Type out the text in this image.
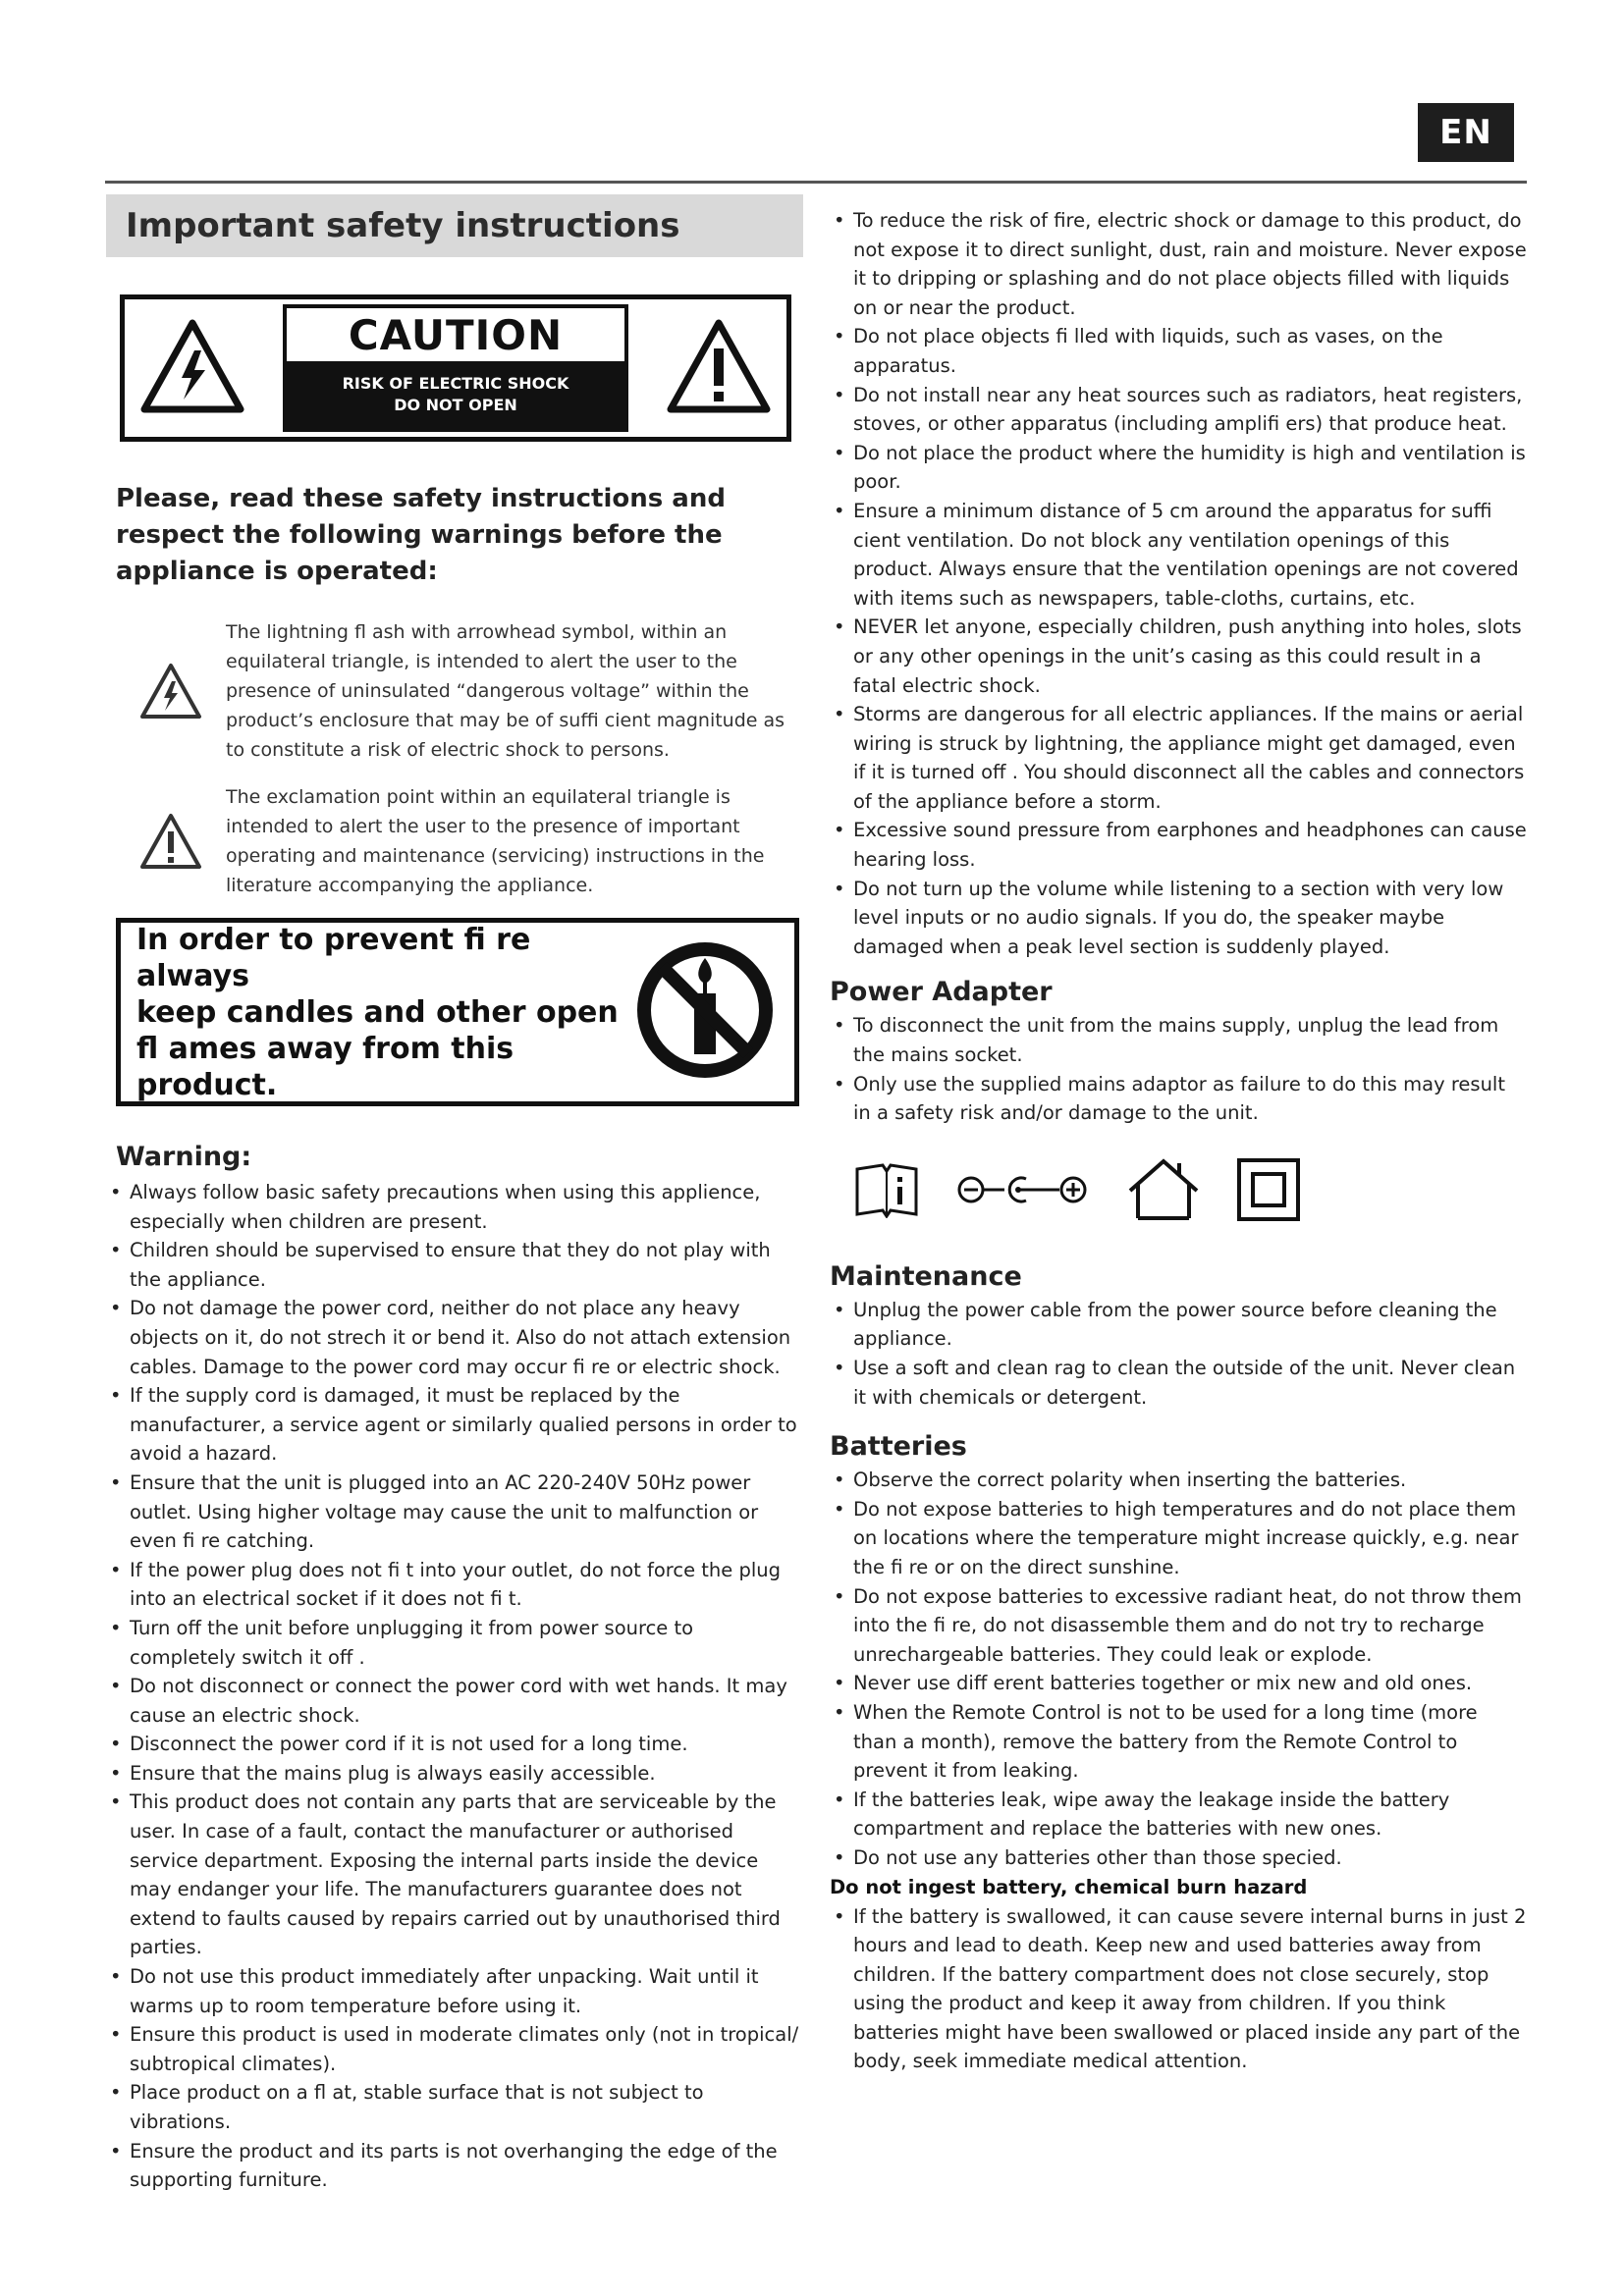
EN
Important safety instructions
CAUTION
RISK OF ELECTRIC SHOCK
DO NOT OPEN
Please, read these safety instructions and respect the following warnings before the appliance is operated:
The lightning fl ash with arrowhead symbol, within an equilateral triangle, is intended to alert the user to the presence of uninsulated “dangerous voltage” within the product’s enclosure that may be of suffi cient magnitude as to constitute a risk of electric shock to persons.
The exclamation point within an equilateral triangle is intended to alert the user to the presence of important operating and maintenance (servicing) instructions in the literature accompanying the appliance.
In order to prevent fi re always
keep candles and other open
fl ames away from this product.
Warning:
• Always follow basic safety precautions when using this applience, especially when children are present.
• Children should be supervised to ensure that they do not play with the appliance.
• Do not damage the power cord, neither do not place any heavy objects on it, do not strech it or bend it. Also do not attach extension cables. Damage to the power cord may occur fi re or electric shock.
• If the supply cord is damaged, it must be replaced by the manufacturer, a service agent or similarly qualied persons in order to avoid a hazard.
• Ensure that the unit is plugged into an AC 220-240V 50Hz power outlet. Using higher voltage may cause the unit to malfunction or even fi re catching.
• If the power plug does not fi t into your outlet, do not force the plug into an electrical socket if it does not fi t.
• Turn off the unit before unplugging it from power source to completely switch it off .
• Do not disconnect or connect the power cord with wet hands. It may cause an electric shock.
• Disconnect the power cord if it is not used for a long time.
• Ensure that the mains plug is always easily accessible.
• This product does not contain any parts that are serviceable by the user. In case of a fault, contact the manufacturer or authorised service department. Exposing the internal parts inside the device may endanger your life. The manufacturers guarantee does not extend to faults caused by repairs carried out by unauthorised third parties.
• Do not use this product immediately after unpacking. Wait until it warms up to room temperature before using it.
• Ensure this product is used in moderate climates only (not in tropical/ subtropical climates).
• Place product on a fl at, stable surface that is not subject to vibrations.
• Ensure the product and its parts is not overhanging the edge of the supporting furniture.
• To reduce the risk of fire, electric shock or damage to this product, do not expose it to direct sunlight, dust, rain and moisture. Never expose it to dripping or splashing and do not place objects filled with liquids on or near the product.
• Do not place objects fi lled with liquids, such as vases, on the apparatus.
• Do not install near any heat sources such as radiators, heat registers, stoves, or other apparatus (including amplifi ers) that produce heat.
• Do not place the product where the humidity is high and ventilation is poor.
• Ensure a minimum distance of 5 cm around the apparatus for suffi cient ventilation. Do not block any ventilation openings of this product. Always ensure that the ventilation openings are not covered with items such as newspapers, table-cloths, curtains, etc.
• NEVER let anyone, especially children, push anything into holes, slots or any other openings in the unit’s casing as this could result in a fatal electric shock.
• Storms are dangerous for all electric appliances. If the mains or aerial wiring is struck by lightning, the appliance might get damaged, even if it is turned off . You should disconnect all the cables and connectors of the appliance before a storm.
• Excessive sound pressure from earphones and headphones can cause hearing loss.
• Do not turn up the volume while listening to a section with very low level inputs or no audio signals. If you do, the speaker maybe damaged when a peak level section is suddenly played.
Power Adapter
• To disconnect the unit from the mains supply, unplug the lead from the mains socket.
• Only use the supplied mains adaptor as failure to do this may result in a safety risk and/or damage to the unit.
Maintenance
• Unplug the power cable from the power source before cleaning the appliance.
• Use a soft and clean rag to clean the outside of the unit. Never clean it with chemicals or detergent.
Batteries
• Observe the correct polarity when inserting the batteries.
• Do not expose batteries to high temperatures and do not place them on locations where the temperature might increase quickly, e.g. near the fi re or on the direct sunshine.
• Do not expose batteries to excessive radiant heat, do not throw them into the fi re, do not disassemble them and do not try to recharge unrechargeable batteries. They could leak or explode.
• Never use diff erent batteries together or mix new and old ones.
• When the Remote Control is not to be used for a long time (more than a month), remove the battery from the Remote Control to prevent it from leaking.
• If the batteries leak, wipe away the leakage inside the battery compartment and replace the batteries with new ones.
• Do not use any batteries other than those specied.
Do not ingest battery, chemical burn hazard
• If the battery is swallowed, it can cause severe internal burns in just 2 hours and lead to death. Keep new and used batteries away from children. If the battery compartment does not close securely, stop using the product and keep it away from children. If you think batteries might have been swallowed or placed inside any part of the body, seek immediate medical attention.
